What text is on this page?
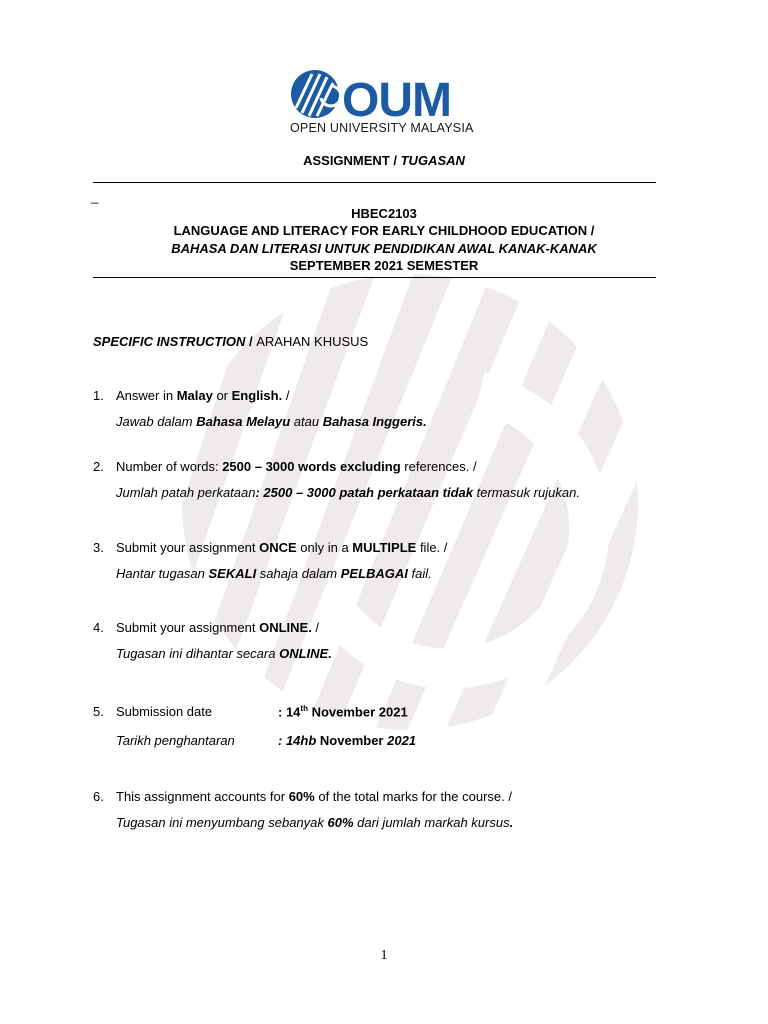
OUM
OPEN UNIVERSITY MALAYSIA
ASSIGNMENT / TUGASAN
_
HBEC2103
LANGUAGE AND LITERACY FOR EARLY CHILDHOOD EDUCATION /
BAHASA DAN LITERASI UNTUK PENDIDIKAN AWAL KANAK-KANAK
SEPTEMBER 2021 SEMESTER
SPECIFIC INSTRUCTION / ARAHAN KHUSUS
1. Answer in Malay or English. /
Jawab dalam Bahasa Melayu atau Bahasa Inggeris.
2. Number of words: 2500 – 3000 words excluding references. /
Jumlah patah perkataan: 2500 – 3000 patah perkataan tidak termasuk rujukan.
3. Submit your assignment ONCE only in a MULTIPLE file. /
Hantar tugasan SEKALI sahaja dalam PELBAGAI fail.
4. Submit your assignment ONLINE. /
Tugasan ini dihantar secara ONLINE.
5. Submission date	: 14th November 2021
Tarikh penghantaran	: 14hb November 2021
6. This assignment accounts for 60% of the total marks for the course. /
Tugasan ini menyumbang sebanyak 60% dari jumlah markah kursus.
1
